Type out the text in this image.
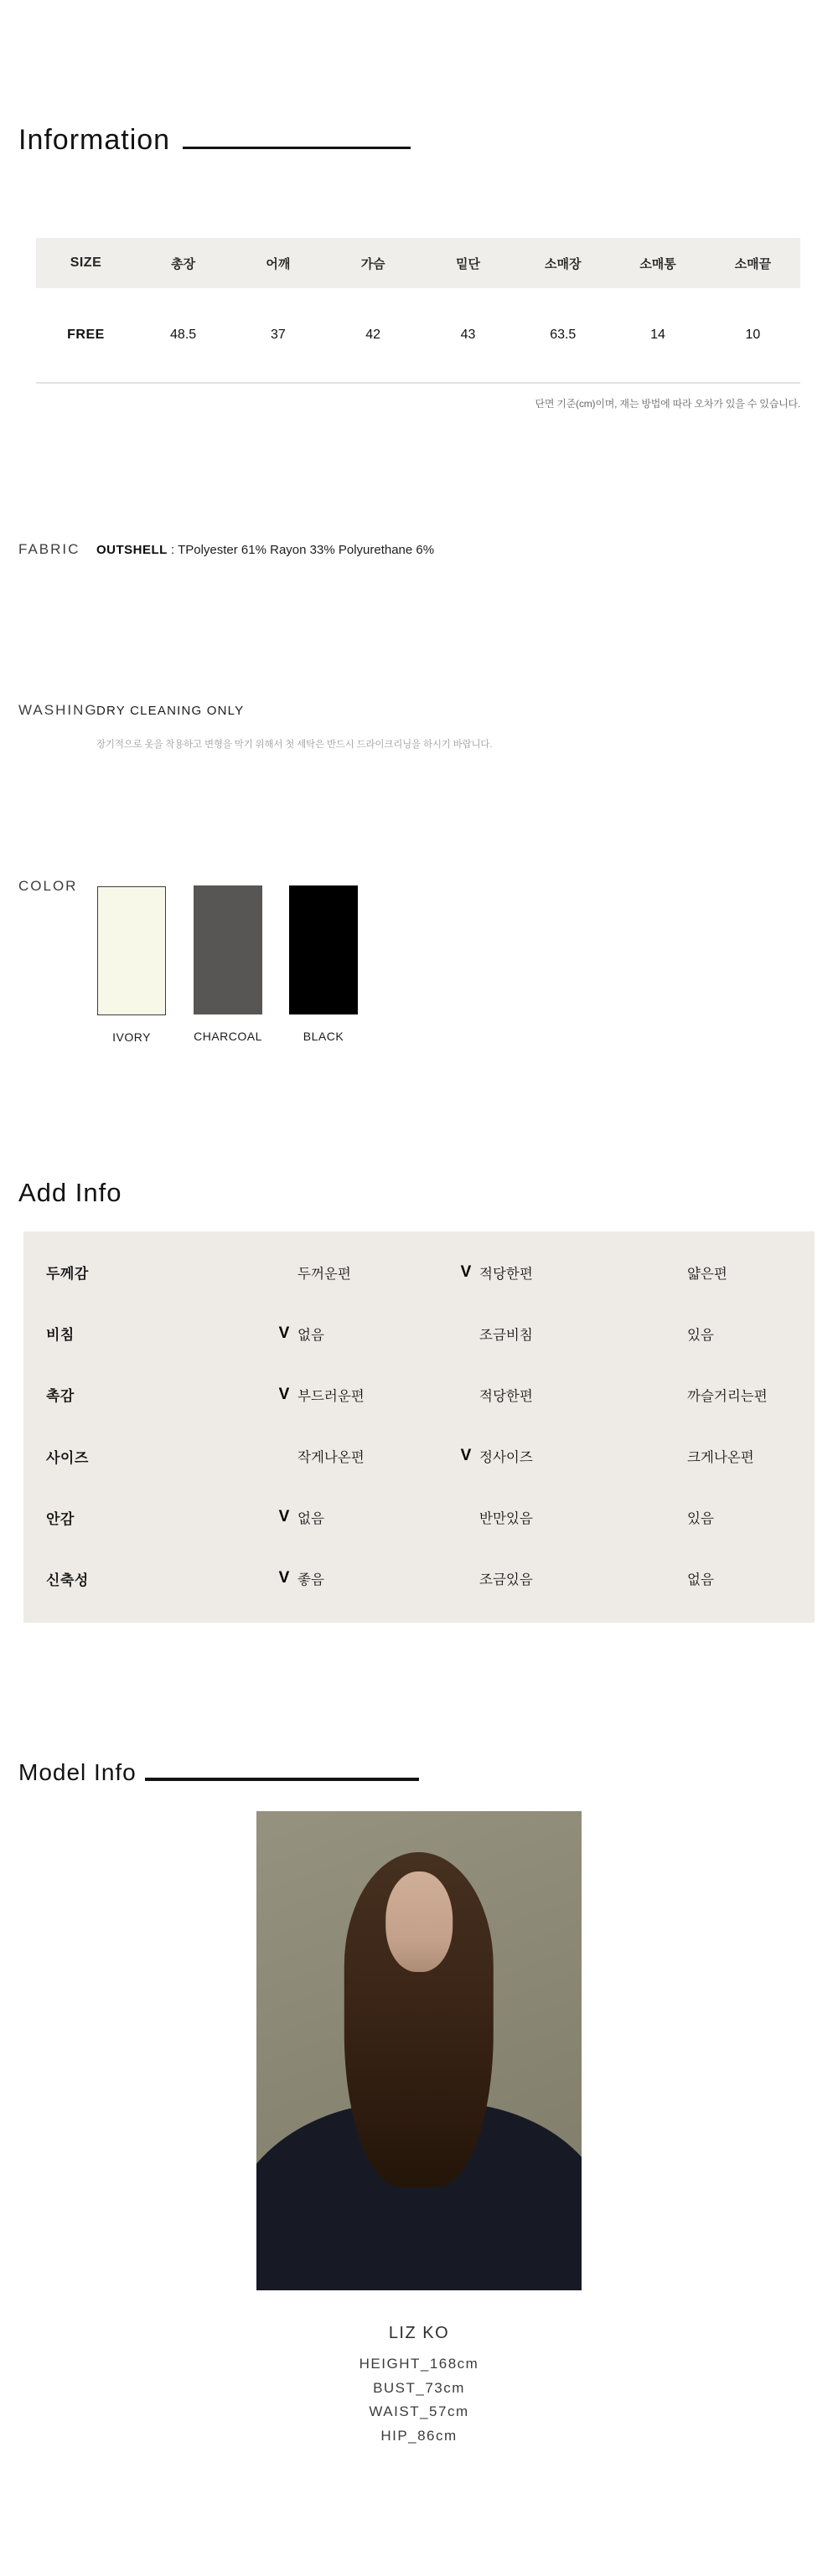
Information
SIZE	총장	어깨	가슴	밑단	소매장	소매통	소매끝
FREE	48.5	37	42	43	63.5	14	10
단면 기준(cm)이며, 재는 방법에 따라 오차가 있을 수 있습니다.
FABRIC OUTSHELL : TPolyester 61% Rayon 33% Polyurethane 6%
WASHING
DRY CLEANING ONLY
장기적으로 옷을 착용하고 변형을 막기 위해서 첫 세탁은 반드시 드라이크리닝을 하시기 바랍니다.
COLOR
IVORY	CHARCOAL	BLACK
Add Info
두께감	두꺼운편	V 적당한편	얇은편
비침	V 없음	조금비침	있음
촉감	V 부드러운편	적당한편	까슬거리는편
사이즈	작게나온편	V 정사이즈	크게나온편
안감	V 없음	반만있음	있음
신축성	V 좋음	조금있음	없음
Model Info
LIZ KO
HEIGHT_168cm
BUST_73cm
WAIST_57cm
HIP_86cm
